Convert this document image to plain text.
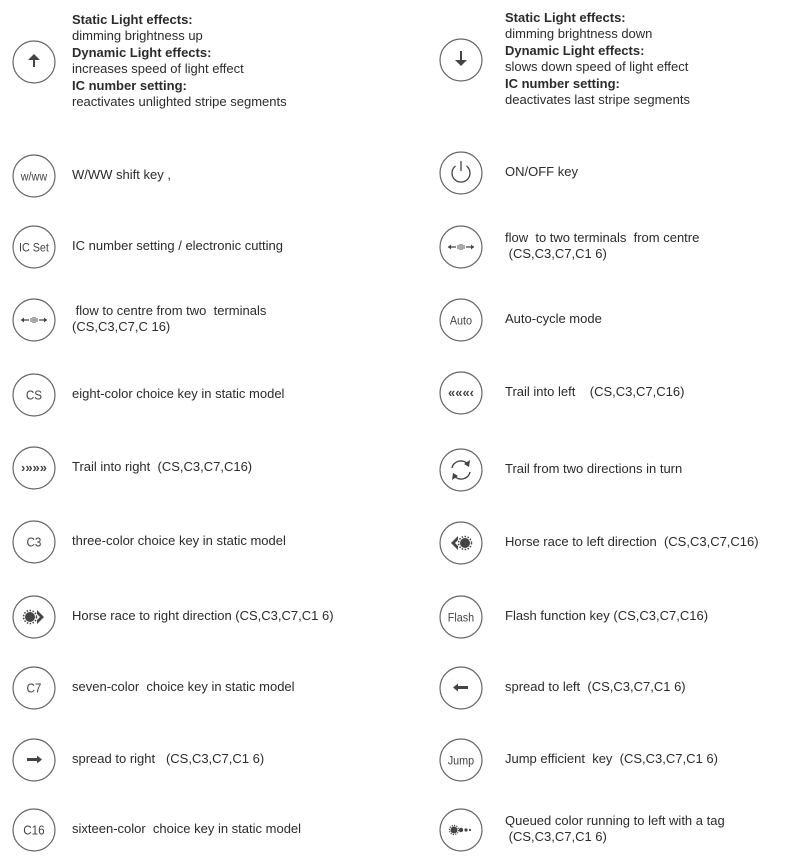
Static Light effects:
dimming brightness up
Dynamic Light effects:
increases speed of light effect
IC number setting:
reactivates unlighted stripe segments
w/ww W/WW shift key ,
IC Set IC number setting / electronic cutting
flow to centre from two  terminals
(CS,C3,C7,C 16)
CS eight-color choice key in static model
›»»» Trail into right  (CS,C3,C7,C16)
C3 three-color choice key in static model
Horse race to right direction (CS,C3,C7,C1 6)
C7 seven-color  choice key in static model
spread to right   (CS,C3,C7,C1 6)
C16 sixteen-color  choice key in static model
Static Light effects:
dimming brightness down
Dynamic Light effects:
slows down speed of light effect
IC number setting:
deactivates last stripe segments
ON/OFF key
flow  to two terminals  from centre
(CS,C3,C7,C1 6)
Auto	Auto-cycle mode
«««‹ Trail into left    (CS,C3,C7,C16)
Trail from two directions in turn
Horse race to left direction  (CS,C3,C7,C16)
Flash Flash function key (CS,C3,C7,C16)
spread to left  (CS,C3,C7,C1 6)
Jump Jump efficient  key  (CS,C3,C7,C1 6)
Queued color running to left with a tag
(CS,C3,C7,C1 6)
